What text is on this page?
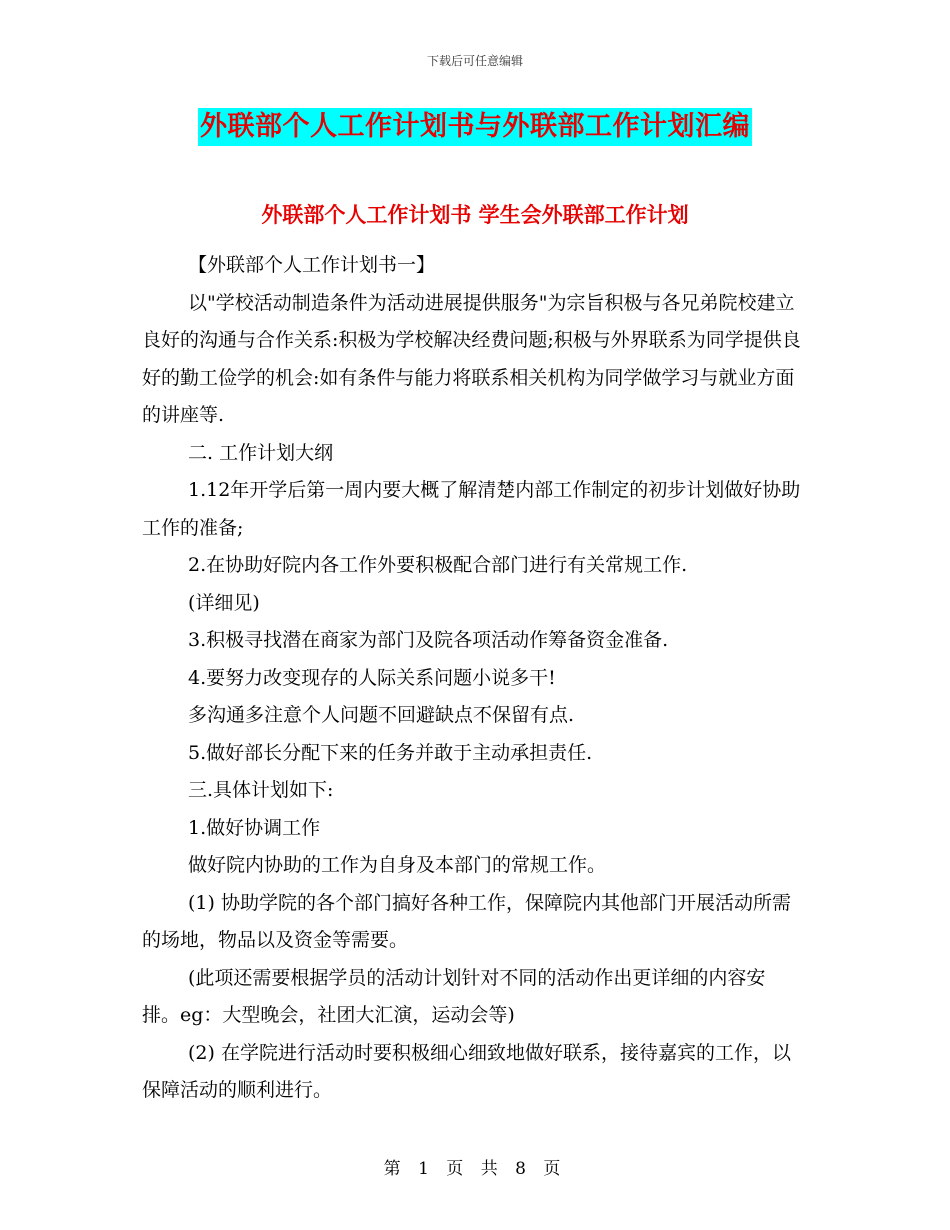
下载后可任意编辑
外联部个人工作计划书与外联部工作计划汇编
外联部个人工作计划书 学生会外联部工作计划

【外联部个人工作计划书一】

以"学校活动制造条件为活动进展提供服务"为宗旨积极与各兄弟院校建立良好的沟通与合作关系:积极为学校解决经费问题;积极与外界联系为同学提供良好的勤工俭学的机会:如有条件与能力将联系相关机构为同学做学习与就业方面的讲座等.

二. 工作计划大纲

1.12年开学后第一周内要大概了解清楚内部工作制定的初步计划做好协助工作的准备;

2.在协助好院内各工作外要积极配合部门进行有关常规工作.

(详细见)

3.积极寻找潜在商家为部门及院各项活动作筹备资金准备.

4.要努力改变现存的人际关系问题小说多干!

多沟通多注意个人问题不回避缺点不保留有点.

5.做好部长分配下来的任务并敢于主动承担责任.

三.具体计划如下:

1.做好协调工作

做好院内协助的工作为自身及本部门的常规工作。

(1) 协助学院的各个部门搞好各种工作，保障院内其他部门开展活动所需的场地，物品以及资金等需要。

(此项还需要根据学员的活动计划针对不同的活动作出更详细的内容安排。eg：大型晚会，社团大汇演，运动会等)

(2) 在学院进行活动时要积极细心细致地做好联系，接待嘉宾的工作，以保障活动的顺利进行。

第 1 页 共 8 页
